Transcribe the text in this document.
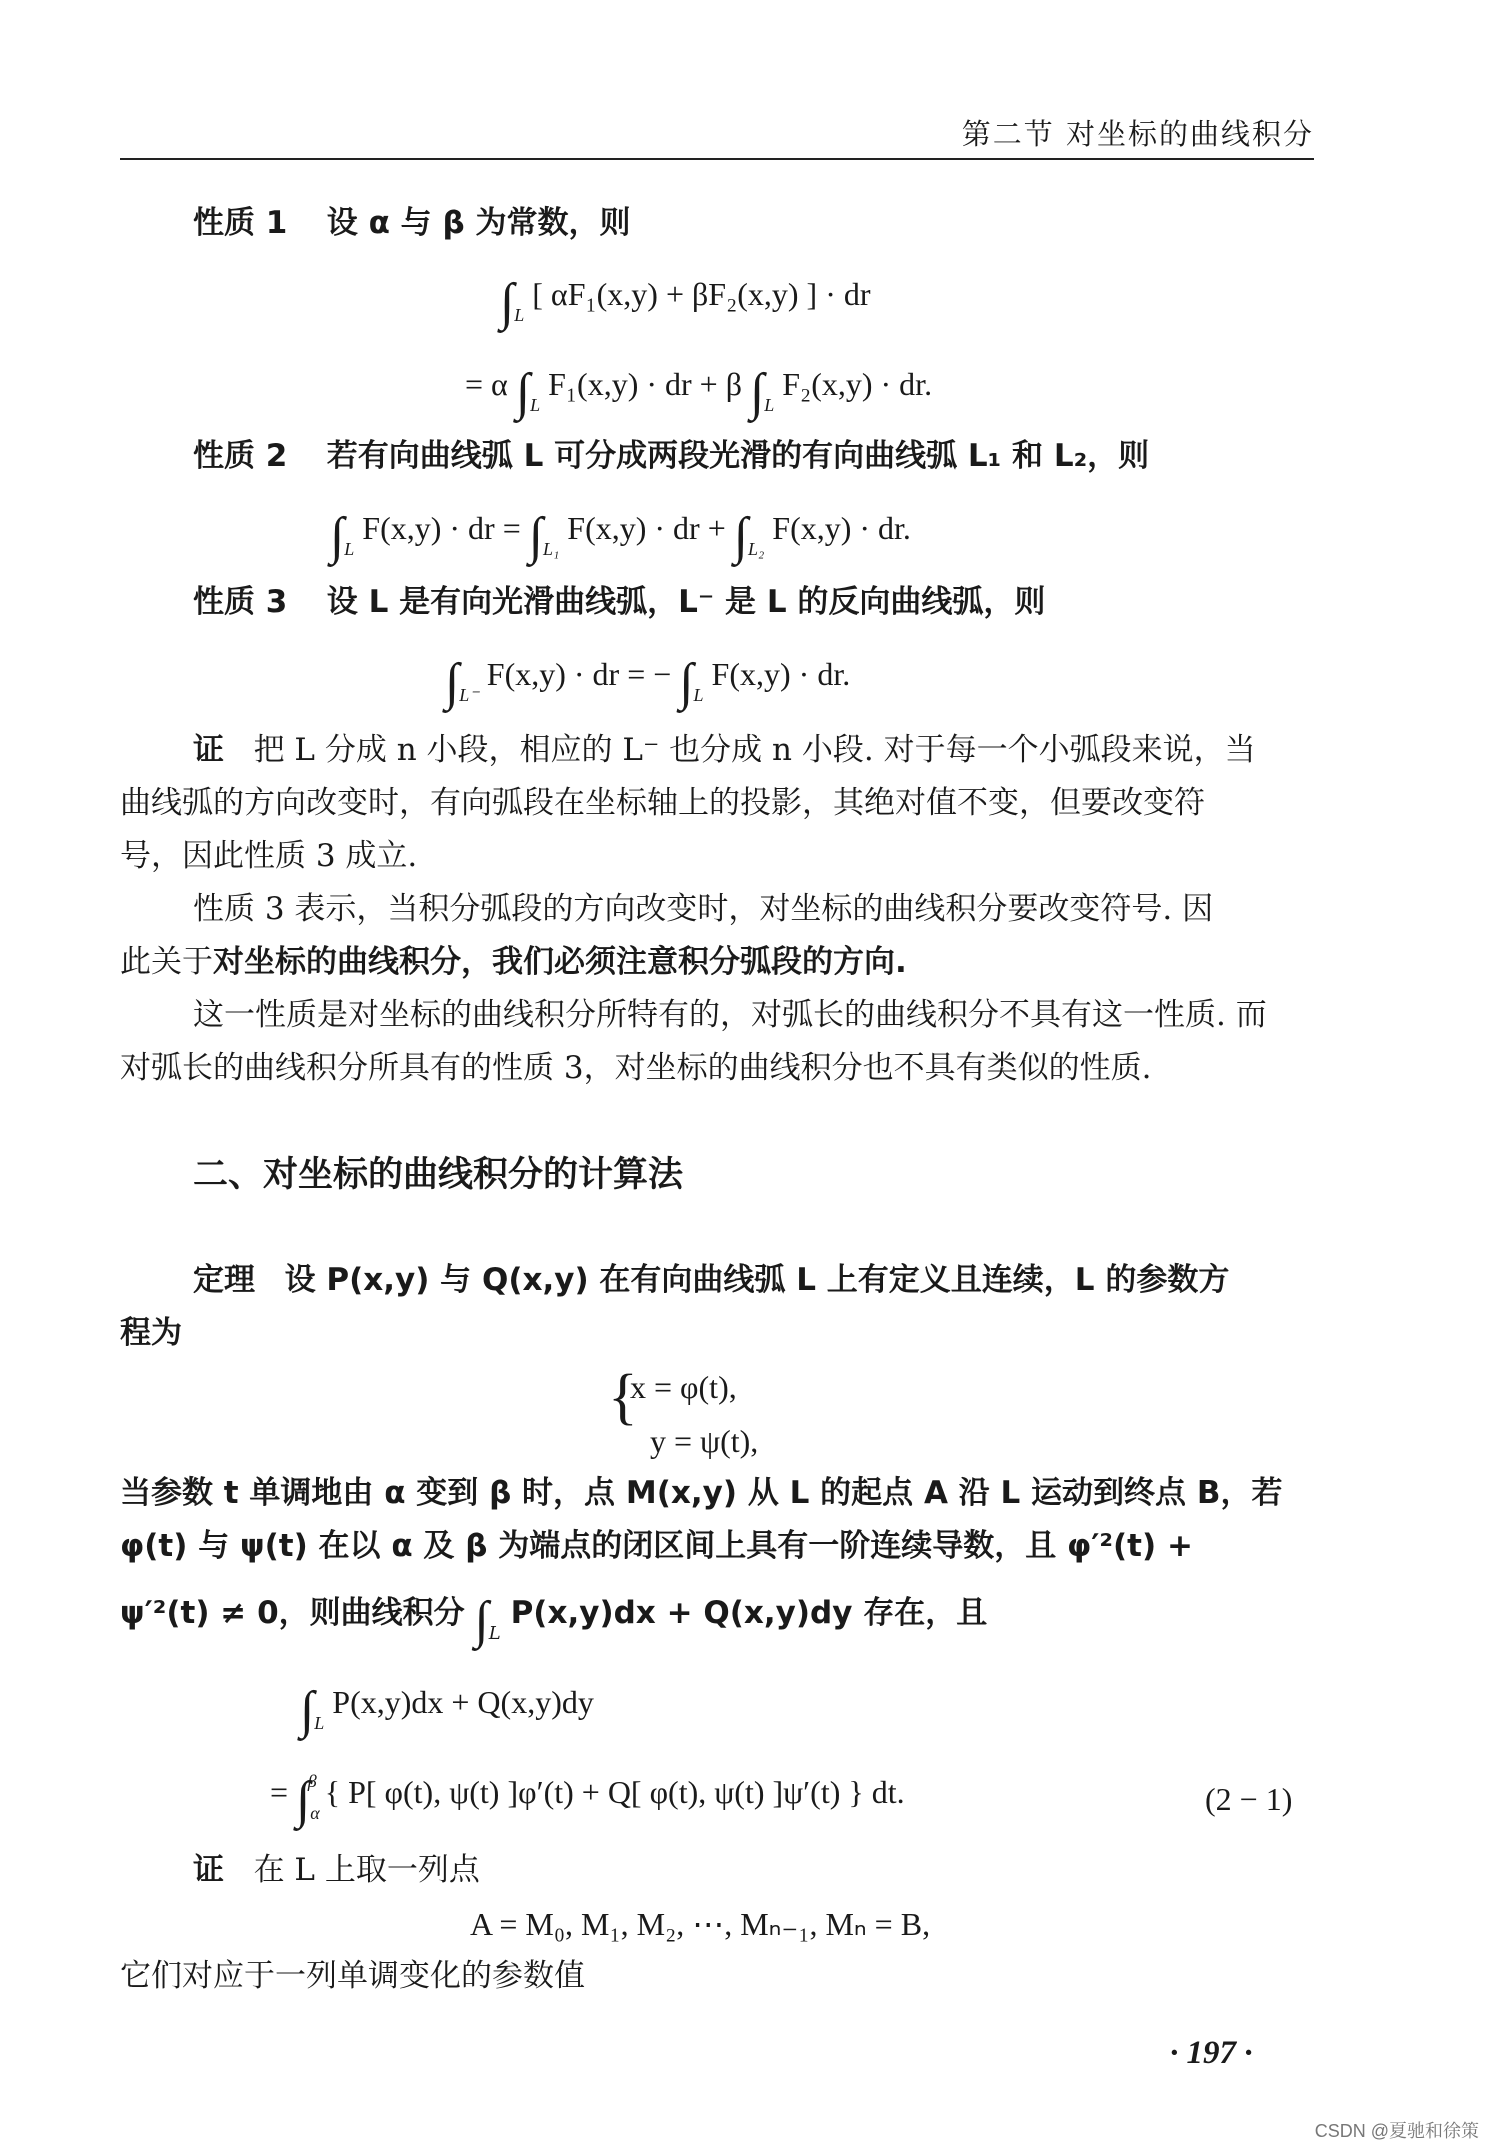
第二节 对坐标的曲线积分
性质 1 设 α 与 β 为常数，则
$\int_L$ [ αF₁(x,y) + βF₂(x,y) ] · dr
= α $\int_L$ F₁(x,y) · dr + β $\int_L$ F₂(x,y) · dr.
性质 2 若有向曲线弧 L 可分成两段光滑的有向曲线弧 L₁ 和 L₂，则
$\int_L$ F(x,y) · dr = $\int_{L_1}$ F(x,y) · dr + $\int_{L_2}$ F(x,y) · dr.
性质 3 设 L 是有向光滑曲线弧，L⁻ 是 L 的反向曲线弧，则
$\int_{L^-}$ F(x,y) · dr = − $\int_L$ F(x,y) · dr.
证 把 L 分成 n 小段，相应的 L⁻ 也分成 n 小段. 对于每一个小弧段来说，当
曲线弧的方向改变时，有向弧段在坐标轴上的投影，其绝对值不变，但要改变符
号，因此性质 3 成立.
性质 3 表示，当积分弧段的方向改变时，对坐标的曲线积分要改变符号. 因
此关于对坐标的曲线积分，我们必须注意积分弧段的方向.
这一性质是对坐标的曲线积分所特有的，对弧长的曲线积分不具有这一性质. 而
对弧长的曲线积分所具有的性质 3，对坐标的曲线积分也不具有类似的性质.
二、对坐标的曲线积分的计算法
定理 设 P(x,y) 与 Q(x,y) 在有向曲线弧 L 上有定义且连续，L 的参数方
程为
{
x = φ(t),
y = ψ(t),
当参数 t 单调地由 α 变到 β 时，点 M(x,y) 从 L 的起点 A 沿 L 运动到终点 B，若
φ(t) 与 ψ(t) 在以 α 及 β 为端点的闭区间上具有一阶连续导数，且 φ′²(t) +
ψ′²(t) ≠ 0，则曲线积分 $\int_L$ P(x,y)dx + Q(x,y)dy 存在，且
$\int_L$ P(x,y)dx + Q(x,y)dy
= $\int_\alpha^\beta$ { P[ φ(t), ψ(t) ]φ′(t) + Q[ φ(t), ψ(t) ]ψ′(t) } dt.	(2 − 1)
证 在 L 上取一列点
A = M₀, M₁, M₂, ⋯, Mₙ₋₁, Mₙ = B,
它们对应于一列单调变化的参数值
· 197 ·
CSDN @夏驰和徐策
